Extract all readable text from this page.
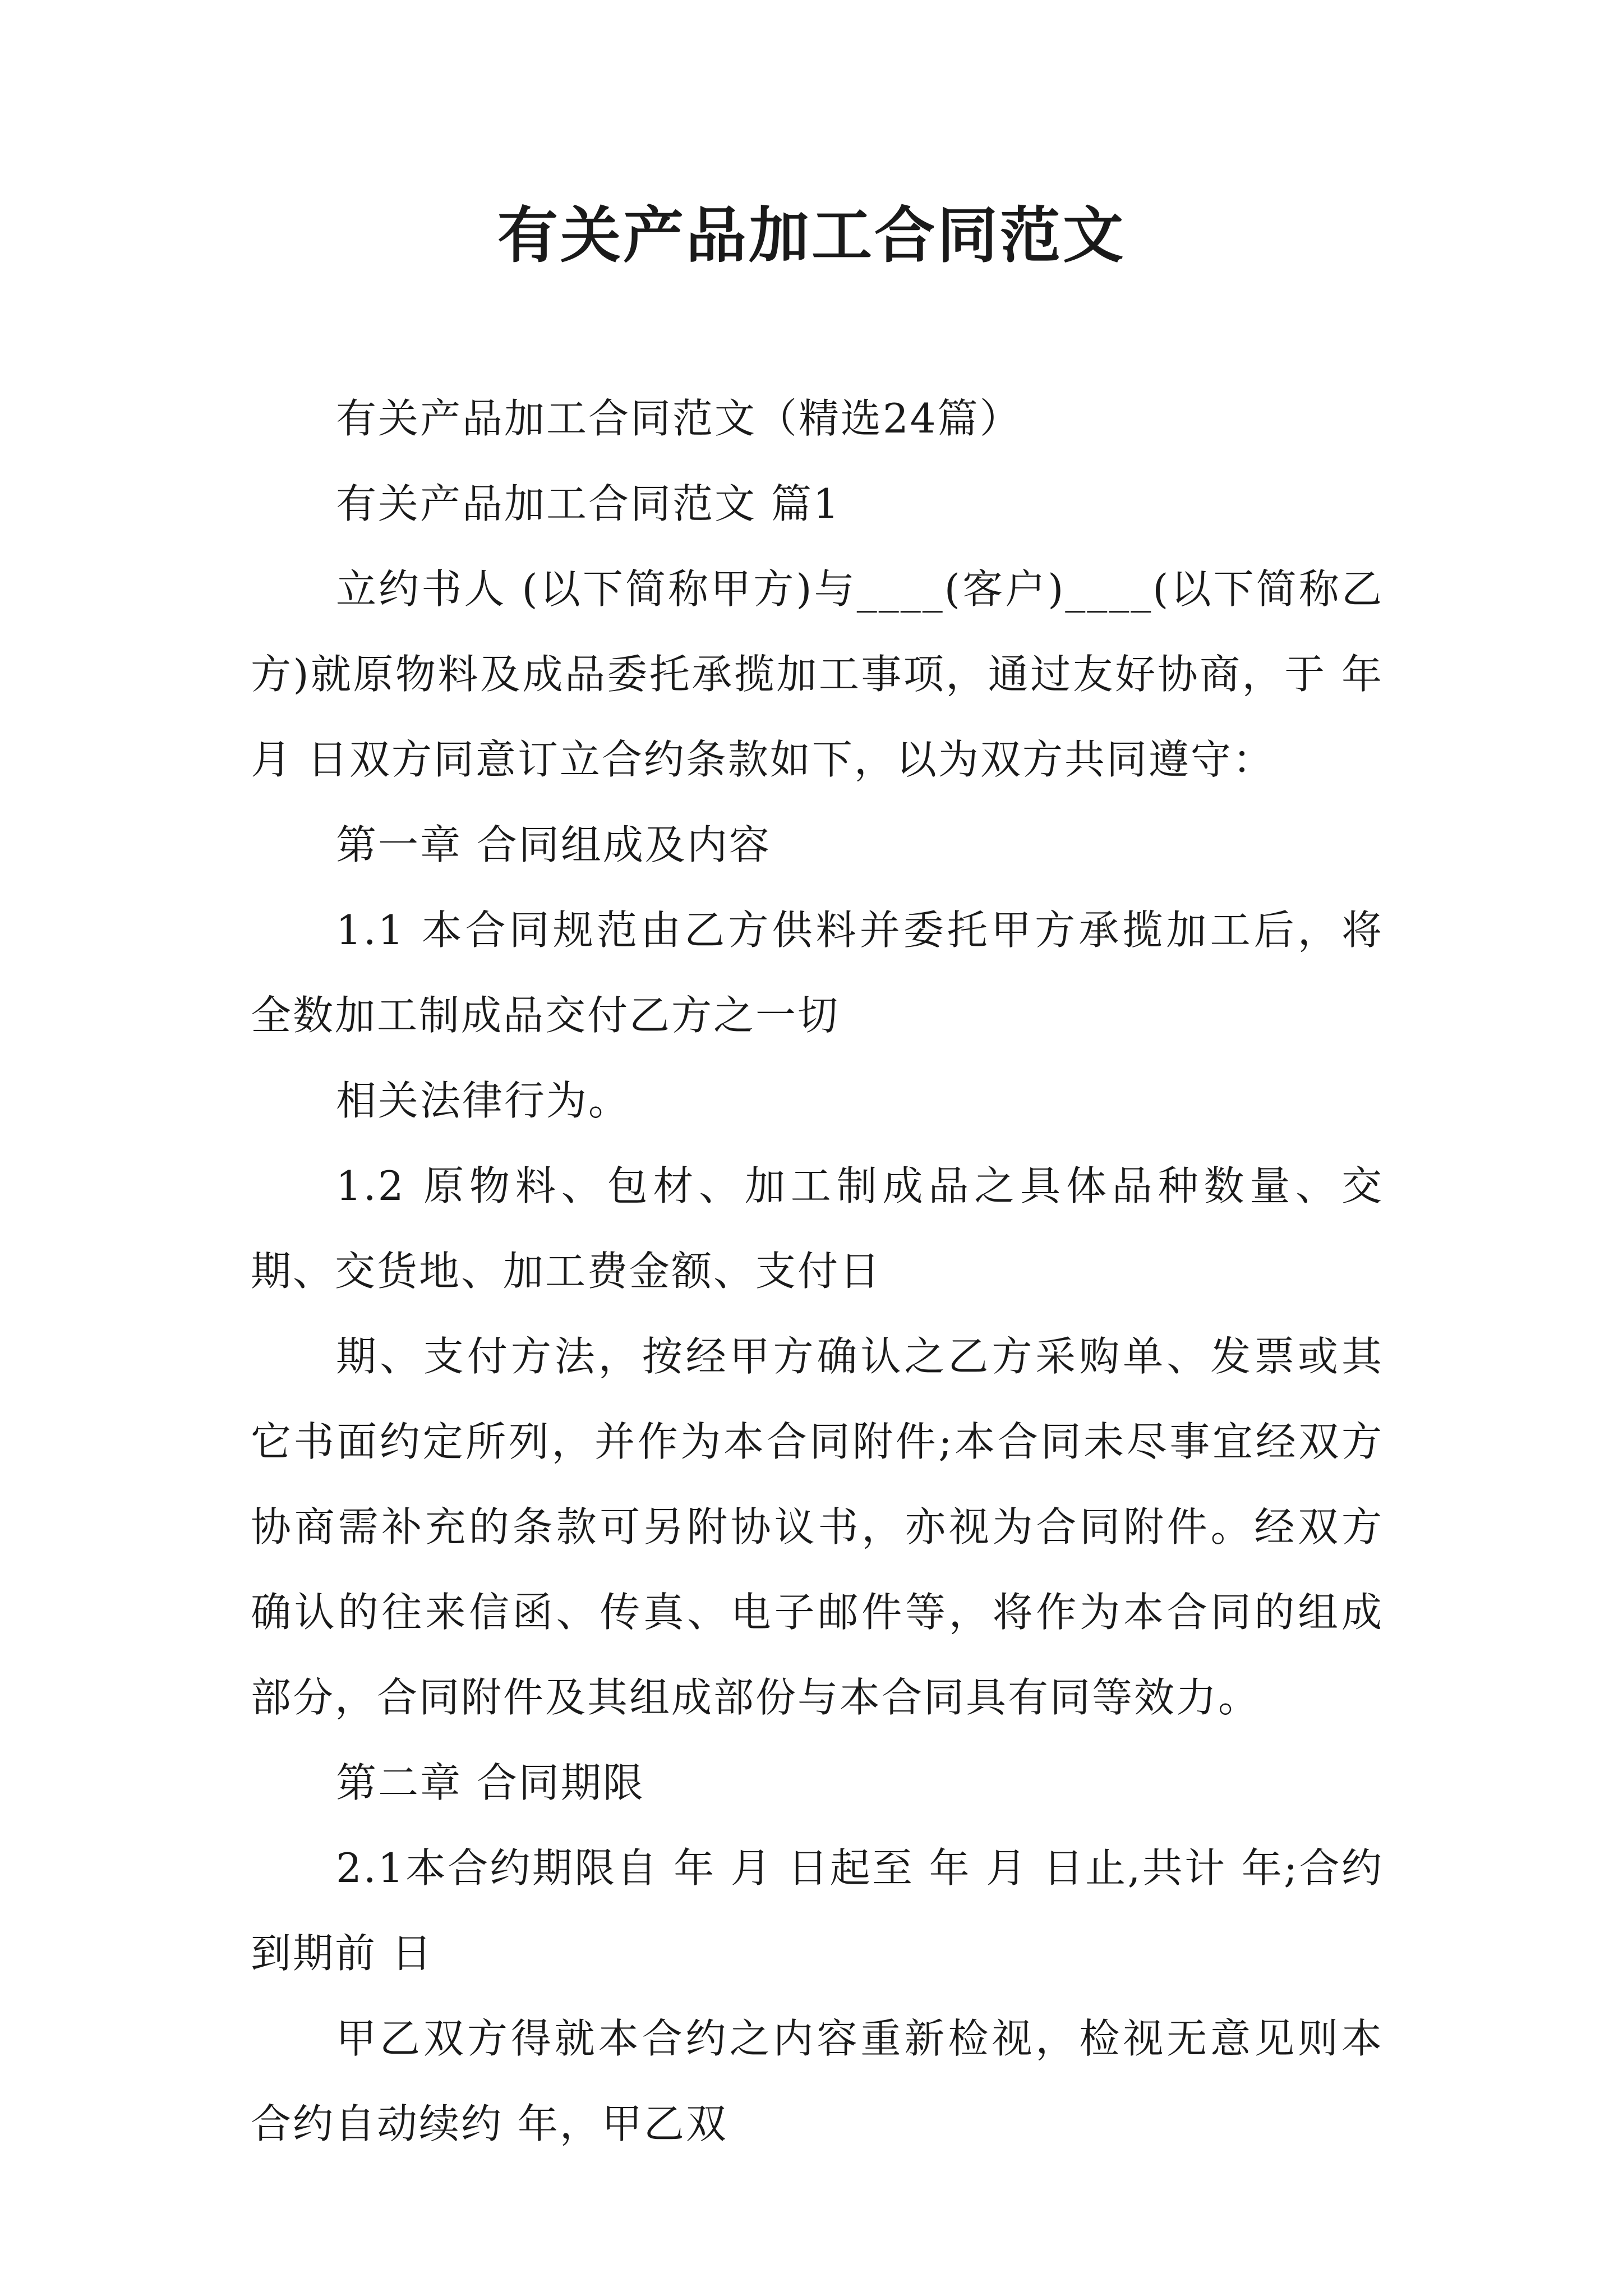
有关产品加工合同范文

有关产品加工合同范文（精选24篇）

有关产品加工合同范文 篇1

立约书人 (以下简称甲方)与____(客户)____(以下简称乙方)就原物料及成品委托承揽加工事项，通过友好协商，于 年 月 日双方同意订立合约条款如下，以为双方共同遵守：

第一章 合同组成及内容

1.1 本合同规范由乙方供料并委托甲方承揽加工后，将全数加工制成品交付乙方之一切

相关法律行为。

1.2 原物料、包材、加工制成品之具体品种数量、交期、交货地、加工费金额、支付日

期、支付方法，按经甲方确认之乙方采购单、发票或其它书面约定所列，并作为本合同附件;本合同未尽事宜经双方协商需补充的条款可另附协议书，亦视为合同附件。经双方确认的往来信函、传真、电子邮件等，将作为本合同的组成部分，合同附件及其组成部份与本合同具有同等效力。

第二章 合同期限

2.1本合约期限自 年 月 日起至 年 月 日止,共计 年;合约到期前 日

甲乙双方得就本合约之内容重新检视，检视无意见则本合约自动续约 年，甲乙双
